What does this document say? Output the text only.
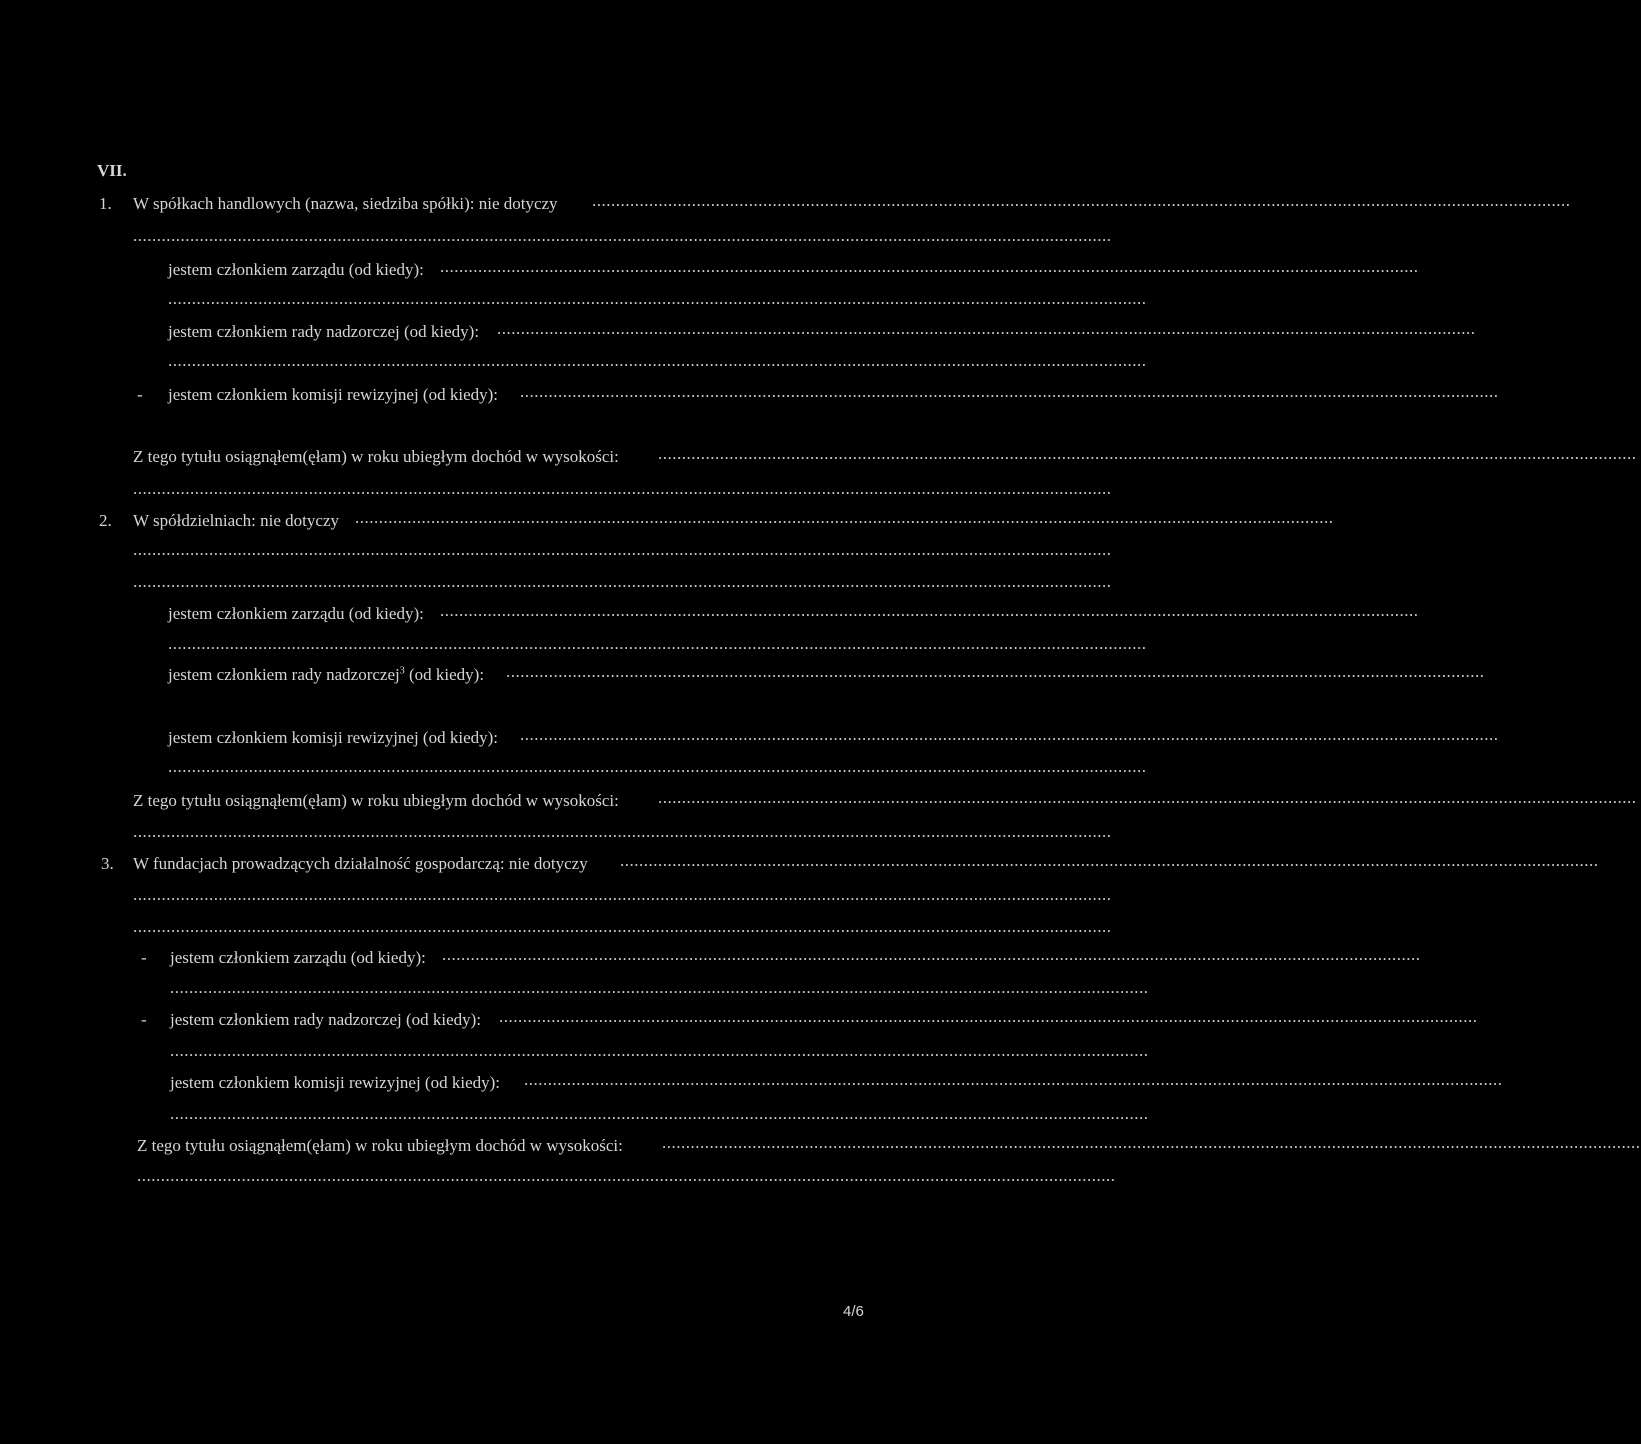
VII.
1. W spółkach handlowych (nazwa, siedziba spółki): nie dotyczy ..............................................................................................................................................................................................................
..............................................................................................................................................................................................................
jestem członkiem zarządu (od kiedy): ..............................................................................................................................................................................................................
..............................................................................................................................................................................................................
jestem członkiem rady nadzorczej (od kiedy): ..............................................................................................................................................................................................................
..............................................................................................................................................................................................................
- jestem członkiem komisji rewizyjnej (od kiedy): ..............................................................................................................................................................................................................
Z tego tytułu osiągnąłem(ęłam) w roku ubiegłym dochód w wysokości: ..............................................................................................................................................................................................................
..............................................................................................................................................................................................................
2. W spółdzielniach: nie dotyczy ..............................................................................................................................................................................................................
..............................................................................................................................................................................................................
..............................................................................................................................................................................................................
jestem członkiem zarządu (od kiedy): ..............................................................................................................................................................................................................
..............................................................................................................................................................................................................
jestem członkiem rady nadzorczej$^3$ (od kiedy): ..............................................................................................................................................................................................................
jestem członkiem komisji rewizyjnej (od kiedy): ..............................................................................................................................................................................................................
..............................................................................................................................................................................................................
Z tego tytułu osiągnąłem(ęłam) w roku ubiegłym dochód w wysokości: ..............................................................................................................................................................................................................
..............................................................................................................................................................................................................
3. W fundacjach prowadzących działalność gospodarczą: nie dotyczy ..............................................................................................................................................................................................................
..............................................................................................................................................................................................................
..............................................................................................................................................................................................................
- jestem członkiem zarządu (od kiedy): ..............................................................................................................................................................................................................
..............................................................................................................................................................................................................
- jestem członkiem rady nadzorczej (od kiedy): ..............................................................................................................................................................................................................
..............................................................................................................................................................................................................
jestem członkiem komisji rewizyjnej (od kiedy): ..............................................................................................................................................................................................................
..............................................................................................................................................................................................................
Z tego tytułu osiągnąłem(ęłam) w roku ubiegłym dochód w wysokości: ..............................................................................................................................................................................................................
..............................................................................................................................................................................................................
4/6
